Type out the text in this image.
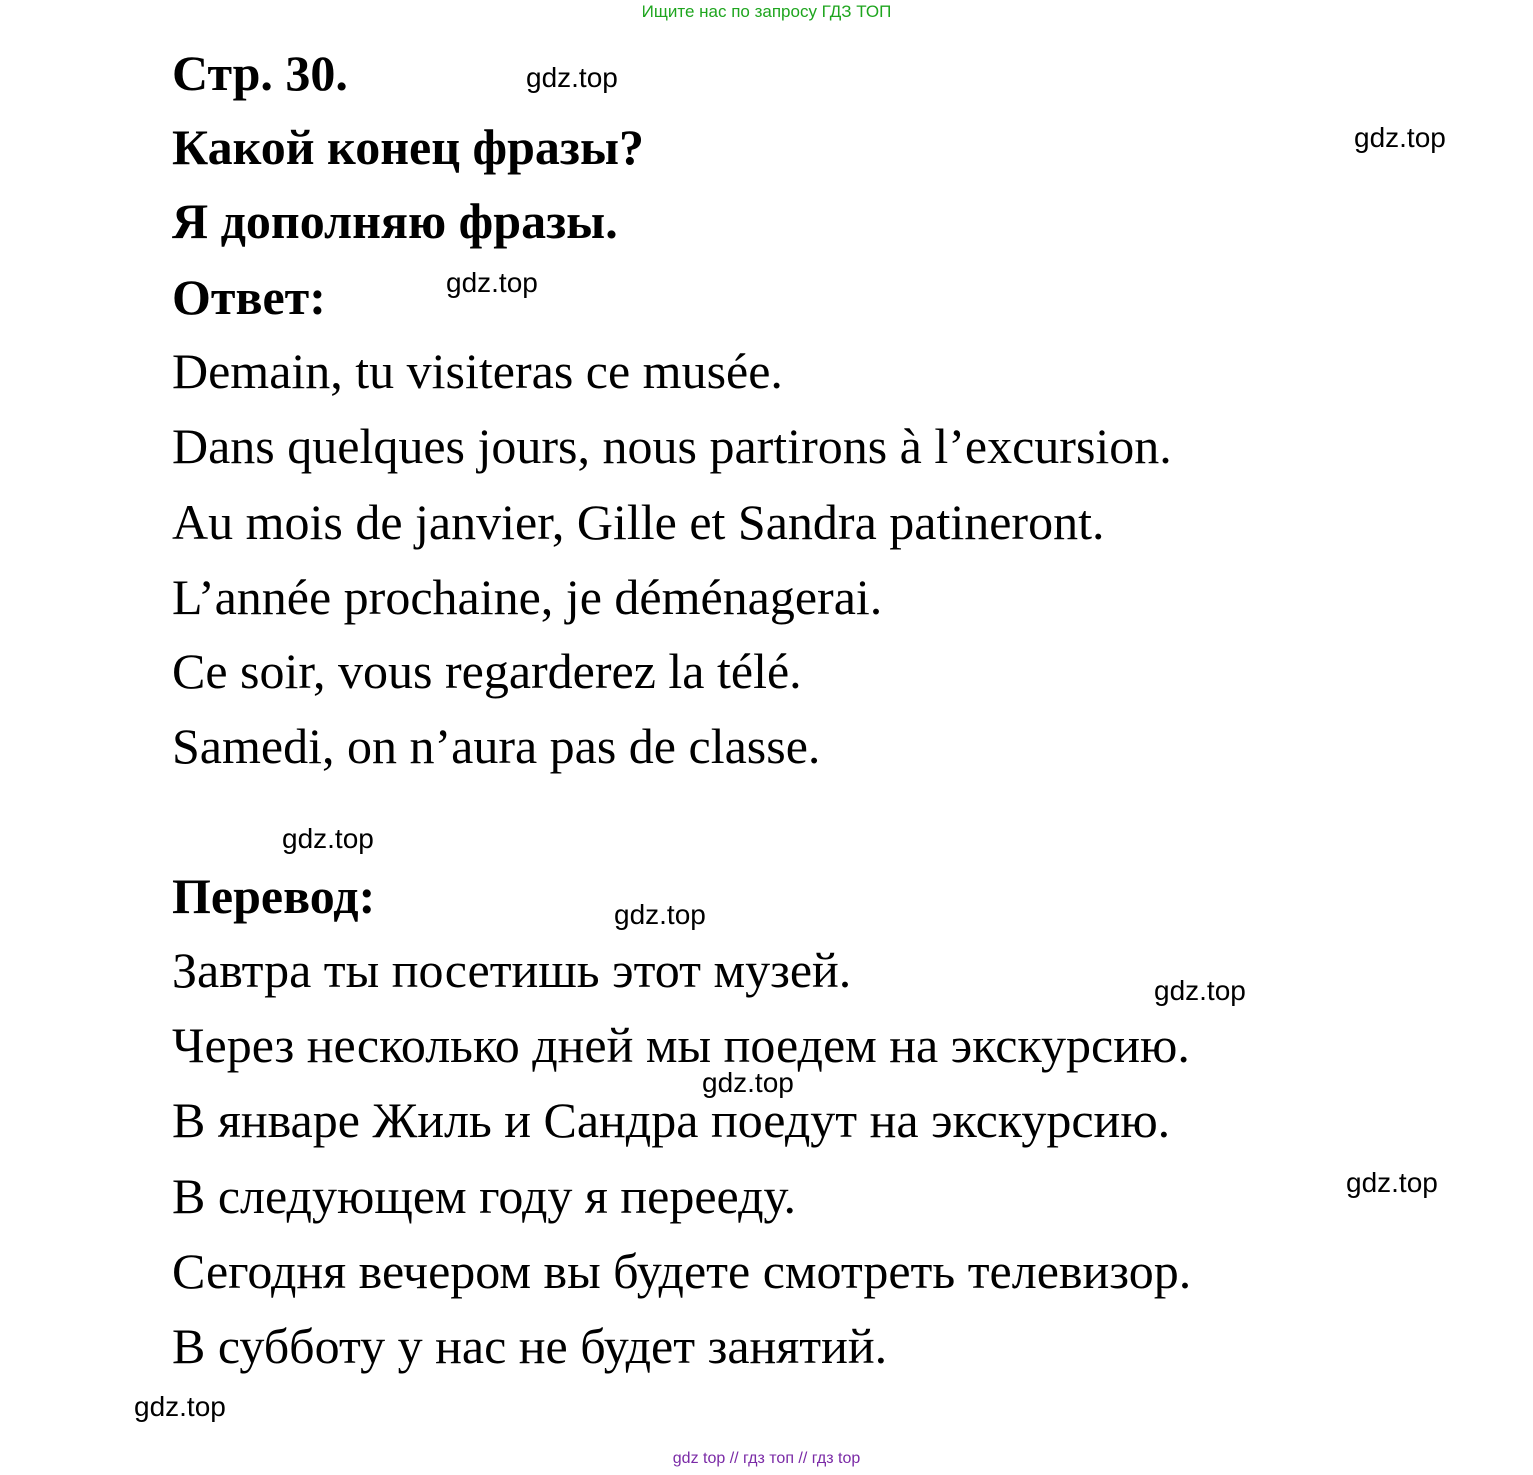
Ищите нас по запросу ГДЗ ТОП
Стр. 30.
Какой конец фразы?
Я дополняю фразы.
Ответ:
Demain, tu visiteras ce musée.
Dans quelques jours, nous partirons à l’excursion.
Au mois de janvier, Gille et Sandra patineront.
L’année prochaine, je déménagerai.
Ce soir, vous regarderez la télé.
Samedi, on n’aura pas de classe.
Перевод:
Завтра ты посетишь этот музей.
Через несколько дней мы поедем на экскурсию.
В январе Жиль и Сандра поедут на экскурсию.
В следующем году я перееду.
Сегодня вечером вы будете смотреть телевизор.
В субботу у нас не будет занятий.
gdz.top
gdz.top
gdz.top
gdz.top
gdz.top
gdz.top
gdz.top
gdz.top
gdz.top
gdz top // гдз топ // гдз top
